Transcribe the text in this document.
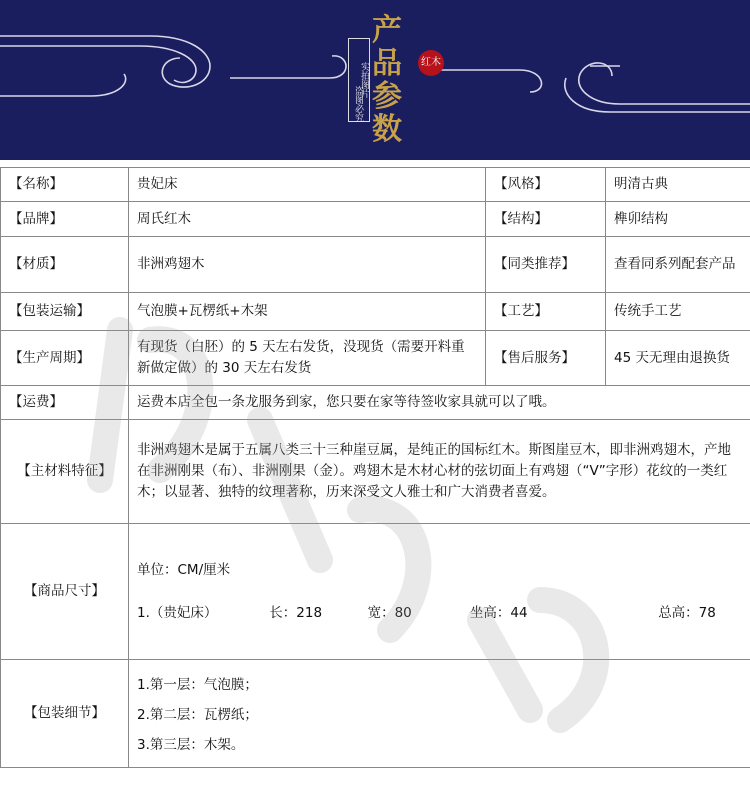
实拍图片
产
品
参
数
红木
盗图必究
【名称】	贵妃床	【风格】	明清古典
【品牌】	周氏红木	【结构】	榫卯结构
【材质】	非洲鸡翅木	【同类推荐】	查看同系列配套产品
【包装运输】	气泡膜+瓦楞纸+木架	【工艺】	传统手工艺
【生产周期】	有现货（白胚）的 5 天左右发货，没现货（需要开料重新做定做）的 30 天左右发货	【售后服务】	45 天无理由退换货
【运费】	运费本店全包一条龙服务到家，您只要在家等待签收家具就可以了哦。		
【主材料特征】	非洲鸡翅木是属于五属八类三十三种崖豆属，是纯正的国标红木。斯图崖豆木，即非洲鸡翅木，产地在非洲刚果（布）、非洲刚果（金）。鸡翅木是木材心材的弦切面上有鸡翅（“V”字形）花纹的一类红木；以显著、独特的纹理著称，历来深受文人雅士和广大消费者喜爱。		
【商品尺寸】	单位：CM/厘米
1.（贵妃床） 长：218 宽：80 坐高：44 总高：78		

【包装细节】	1.第一层：气泡膜；
2.第二层：瓦楞纸；
3.第三层：木架。		
